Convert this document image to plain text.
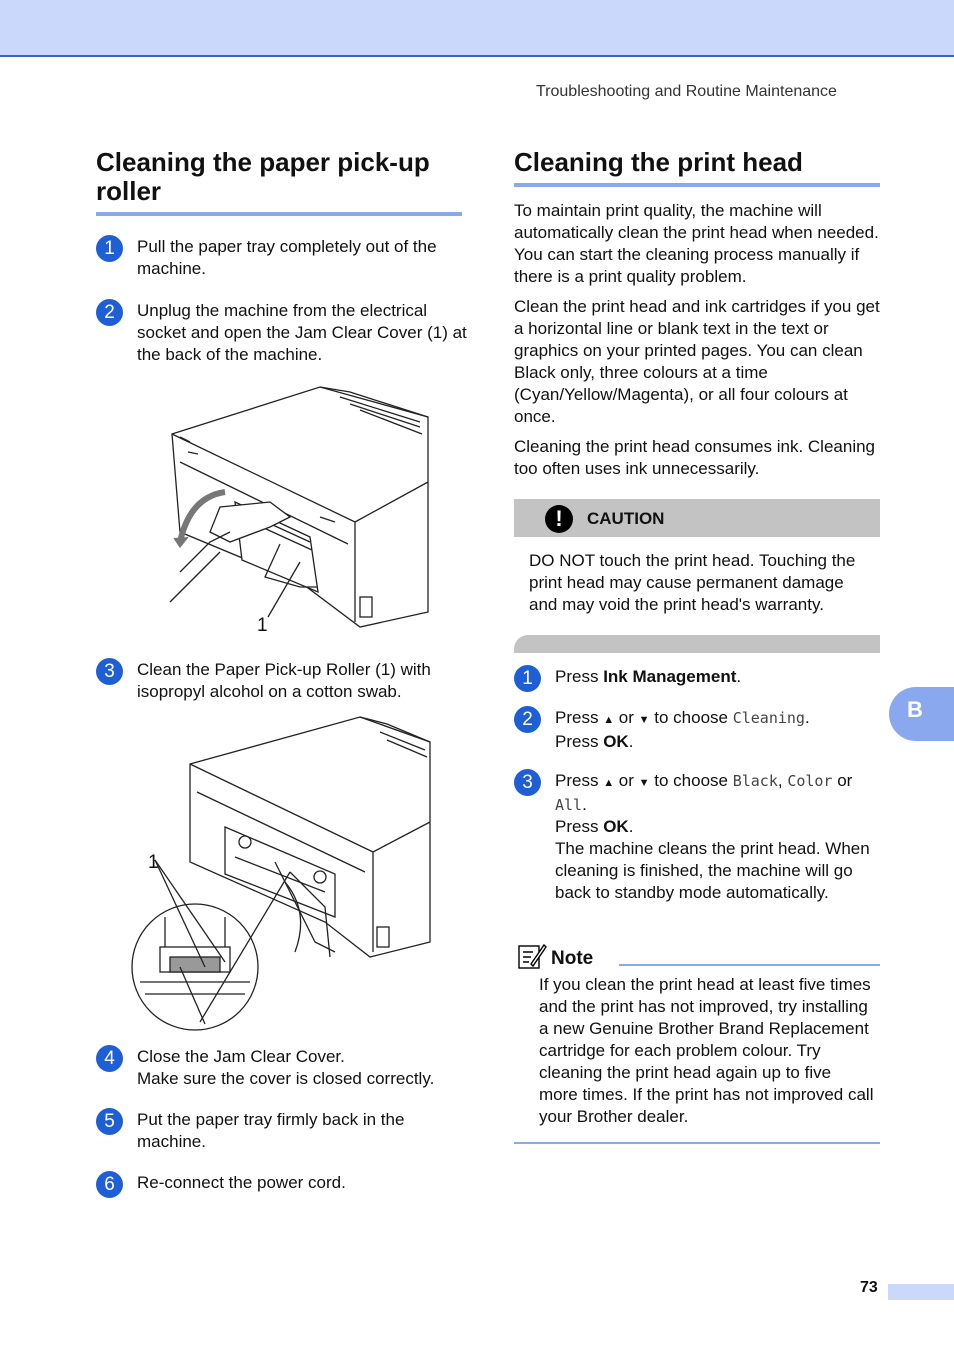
Troubleshooting and Routine Maintenance
Cleaning the paper pick-up roller
1	Pull the paper tray completely out of the machine.
2	Unplug the machine from the electrical socket and open the Jam Clear Cover (1) at the back of the machine.
3	Clean the Paper Pick-up Roller (1) with isopropyl alcohol on a cotton swab.
4	Close the Jam Clear Cover.
Make sure the cover is closed correctly.
5	Put the paper tray firmly back in the machine.
6	Re-connect the power cord.
1
1
Cleaning the print head

To maintain print quality, the machine will automatically clean the print head when needed. You can start the cleaning process manually if there is a print quality problem.

Clean the print head and ink cartridges if you get a horizontal line or blank text in the text or graphics on your printed pages. You can clean Black only, three colours at a time (Cyan/Yellow/Magenta), or all four colours at once.

Cleaning the print head consumes ink. Cleaning too often uses ink unnecessarily.

!	CAUTION
DO NOT touch the print head. Touching the print head may cause permanent damage and may void the print head's warranty.
1	Press Ink Management.
2	Press ▲ or ▼ to choose Cleaning.
Press OK.
3	Press ▲ or ▼ to choose Black, Color or All.
Press OK.
The machine cleans the print head. When cleaning is finished, the machine will go back to standby mode automatically.
Note
If you clean the print head at least five times and the print has not improved, try installing a new Genuine Brother Brand Replacement cartridge for each problem colour. Try cleaning the print head again up to five more times. If the print has not improved call your Brother dealer.
B
73
